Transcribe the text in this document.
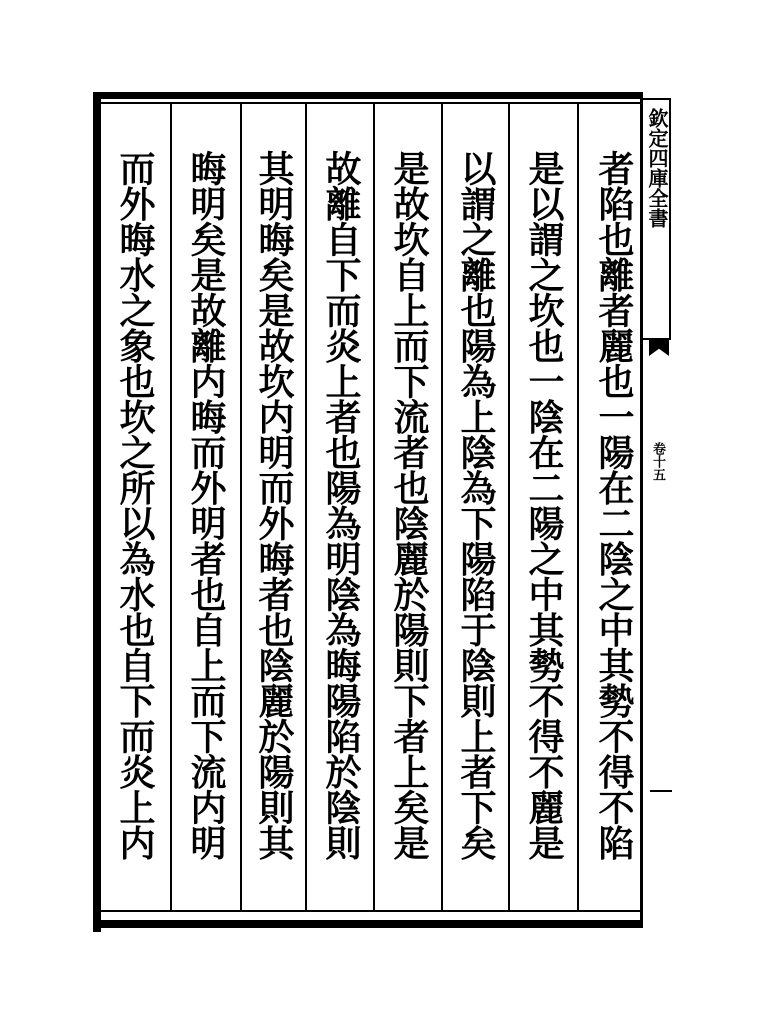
欽定四庫全書
卷十五
者陷也離者麗也一陽在二陰之中其勢不得不陷
是以謂之坎也一陰在二陽之中其勢不得不麗是
以謂之離也陽為上陰為下陽陷于陰則上者下矣
是故坎自上而下流者也陰麗於陽則下者上矣是
故離自下而炎上者也陽為明陰為晦陽陷於陰則
其明晦矣是故坎内明而外晦者也陰麗於陽則其
晦明矣是故離内晦而外明者也自上而下流内明
而外晦水之象也坎之所以為水也自下而炎上内
